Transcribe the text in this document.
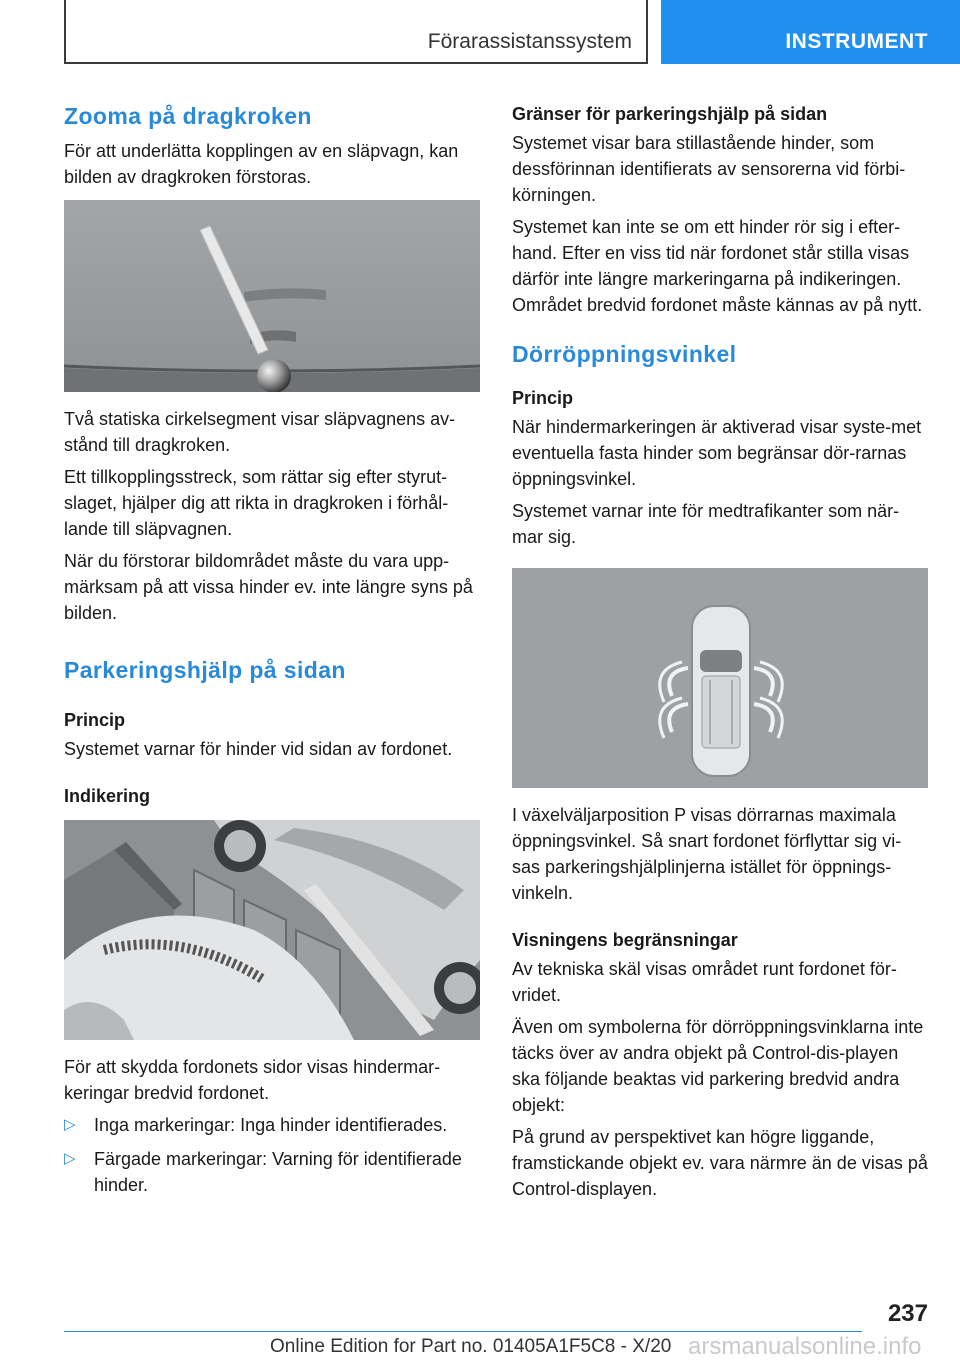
Förarassistanssystem	INSTRUMENT
Zooma på dragkroken

För att underlätta kopplingen av en släpvagn, kan bilden av dragkroken förstoras.

Två statiska cirkelsegment visar släpvagnens av-stånd till dragkroken.

Ett tillkopplingsstreck, som rättar sig efter styrut-slaget, hjälper dig att rikta in dragkroken i förhål-lande till släpvagnen.

När du förstorar bildområdet måste du vara upp-märksam på att vissa hinder ev. inte längre syns på bilden.

Parkeringshjälp på sidan
Princip

Systemet varnar för hinder vid sidan av fordonet.

Indikering

För att skydda fordonets sidor visas hindermar-keringar bredvid fordonet.

▷ Inga markeringar: Inga hinder identifierades.
▷ Färgade markeringar: Varning för identifierade hinder.
Gränser för parkeringshjälp på sidan

Systemet visar bara stillastående hinder, som dessförinnan identifierats av sensorerna vid förbi-körningen.

Systemet kan inte se om ett hinder rör sig i efter-hand. Efter en viss tid när fordonet står stilla visas därför inte längre markeringarna på indikeringen. Området bredvid fordonet måste kännas av på nytt.

Dörröppningsvinkel
Princip

När hindermarkeringen är aktiverad visar syste-met eventuella fasta hinder som begränsar dör-rarnas öppningsvinkel.

Systemet varnar inte för medtrafikanter som när-mar sig.

I växelväljarposition P visas dörrarnas maximala öppningsvinkel. Så snart fordonet förflyttar sig vi-sas parkeringshjälplinjerna istället för öppnings-vinkeln.

Visningens begränsningar

Av tekniska skäl visas området runt fordonet för-vridet.

Även om symbolerna för dörröppningsvinklarna inte täcks över av andra objekt på Control-dis-playen ska följande beaktas vid parkering bredvid andra objekt:

På grund av perspektivet kan högre liggande, framstickande objekt ev. vara närmre än de visas på Control-displayen.

237
Online Edition for Part no. 01405A1F5C8 - X/20 arsmanualsonline.info
